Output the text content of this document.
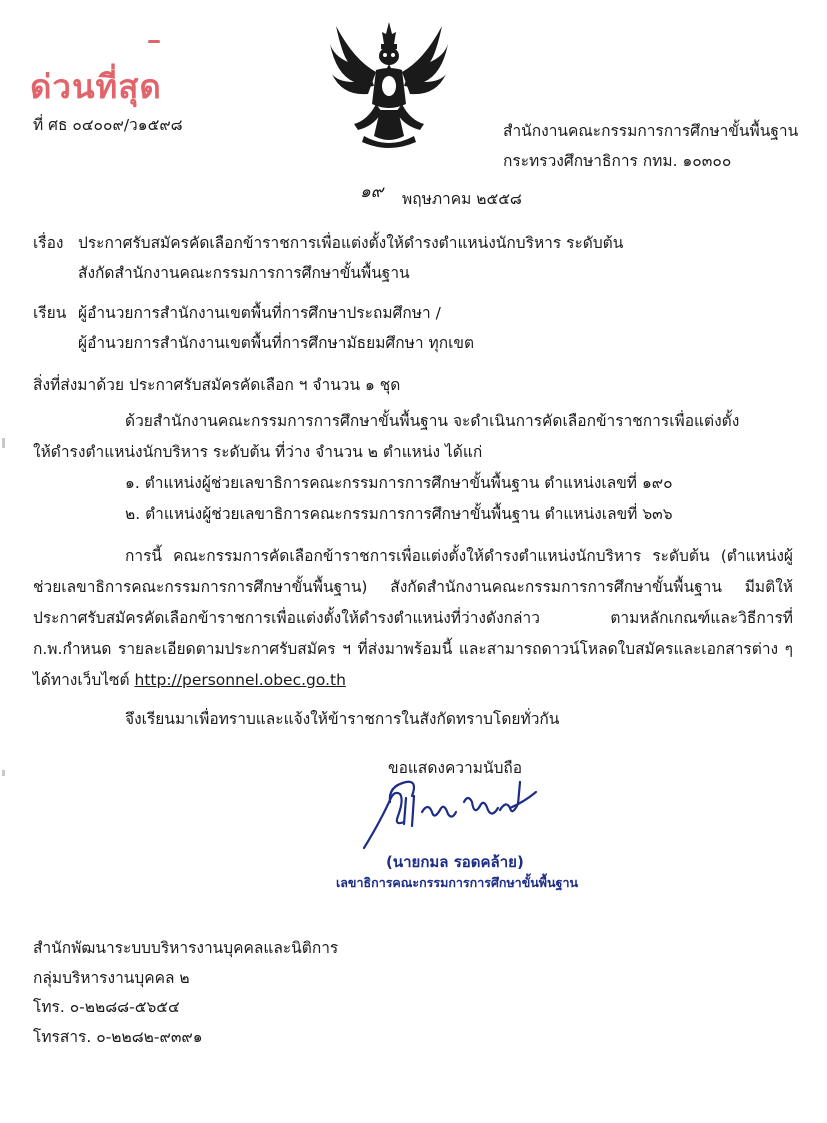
ด่วนที่สุด
ที่ ศธ ๐๔๐๐๙/ว๑๕๙๘	สำนักงานคณะกรรมการการศึกษาขั้นพื้นฐาน
กระทรวงศึกษาธิการ กทม. ๑๐๓๐๐
๑๙ พฤษภาคม ๒๕๕๘
เรื่อง ประกาศรับสมัครคัดเลือกข้าราชการเพื่อแต่งตั้งให้ดำรงตำแหน่งนักบริหาร ระดับต้น
สังกัดสำนักงานคณะกรรมการการศึกษาขั้นพื้นฐาน
เรียน ผู้อำนวยการสำนักงานเขตพื้นที่การศึกษาประถมศึกษา /
ผู้อำนวยการสำนักงานเขตพื้นที่การศึกษามัธยมศึกษา ทุกเขต
สิ่งที่ส่งมาด้วย ประกาศรับสมัครคัดเลือก ฯ จำนวน ๑ ชุด
ด้วยสำนักงานคณะกรรมการการศึกษาขั้นพื้นฐาน จะดำเนินการคัดเลือกข้าราชการเพื่อแต่งตั้ง
ให้ดำรงตำแหน่งนักบริหาร ระดับต้น ที่ว่าง จำนวน ๒ ตำแหน่ง ได้แก่
๑. ตำแหน่งผู้ช่วยเลขาธิการคณะกรรมการการศึกษาขั้นพื้นฐาน ตำแหน่งเลขที่ ๑๙๐
๒. ตำแหน่งผู้ช่วยเลขาธิการคณะกรรมการการศึกษาขั้นพื้นฐาน ตำแหน่งเลขที่ ๖๓๖
การนี้ คณะกรรมการคัดเลือกข้าราชการเพื่อแต่งตั้งให้ดำรงตำแหน่งนักบริหาร ระดับต้น (ตำแหน่งผู้ช่วยเลขาธิการคณะกรรมการการศึกษาขั้นพื้นฐาน) สังกัดสำนักงานคณะกรรมการการศึกษาขั้นพื้นฐาน มีมติให้ประกาศรับสมัครคัดเลือกข้าราชการเพื่อแต่งตั้งให้ดำรงตำแหน่งที่ว่างดังกล่าว ตามหลักเกณฑ์และวิธีการที่ ก.พ.กำหนด รายละเอียดตามประกาศรับสมัคร ฯ ที่ส่งมาพร้อมนี้ และสามารถดาวน์โหลดใบสมัครและเอกสารต่าง ๆ ได้ทางเว็บไซต์ http://personnel.obec.go.th
จึงเรียนมาเพื่อทราบและแจ้งให้ข้าราชการในสังกัดทราบโดยทั่วกัน
ขอแสดงความนับถือ
(นายกมล รอดคล้าย)
เลขาธิการคณะกรรมการการศึกษาขั้นพื้นฐาน
สำนักพัฒนาระบบบริหารงานบุคคลและนิติการ
กลุ่มบริหารงานบุคคล ๒
โทร. ๐-๒๒๘๘-๕๖๕๔
โทรสาร. ๐-๒๒๘๒-๙๓๙๑
